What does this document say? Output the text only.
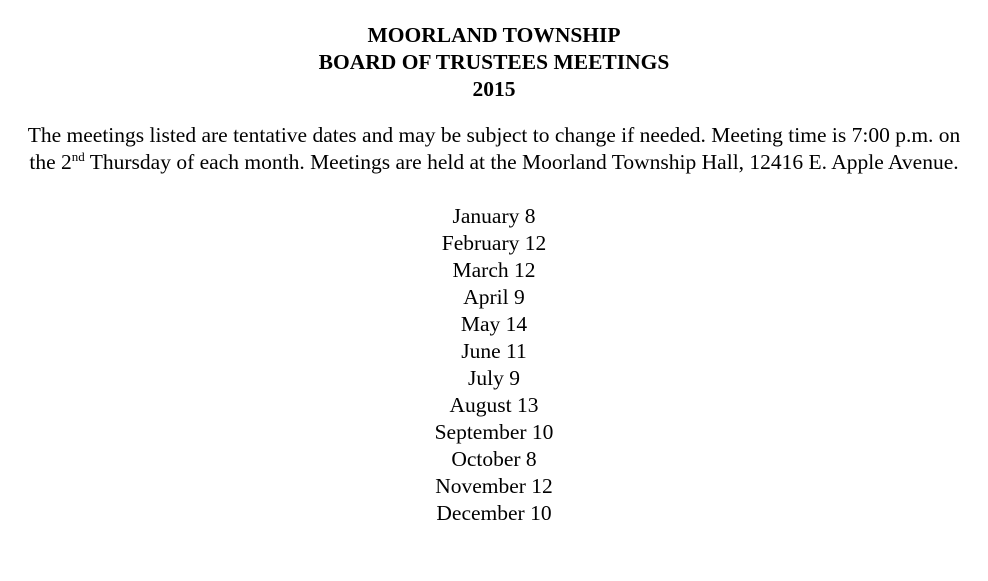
MOORLAND TOWNSHIP
BOARD OF TRUSTEES MEETINGS
2015

The meetings listed are tentative dates and may be subject to change if needed. Meeting time is 7:00 p.m. on the 2nd Thursday of each month. Meetings are held at the Moorland Township Hall, 12416 E. Apple Avenue.

January 8
February 12
March 12
April 9
May 14
June 11
July 9
August 13
September 10
October 8
November 12
December 10
